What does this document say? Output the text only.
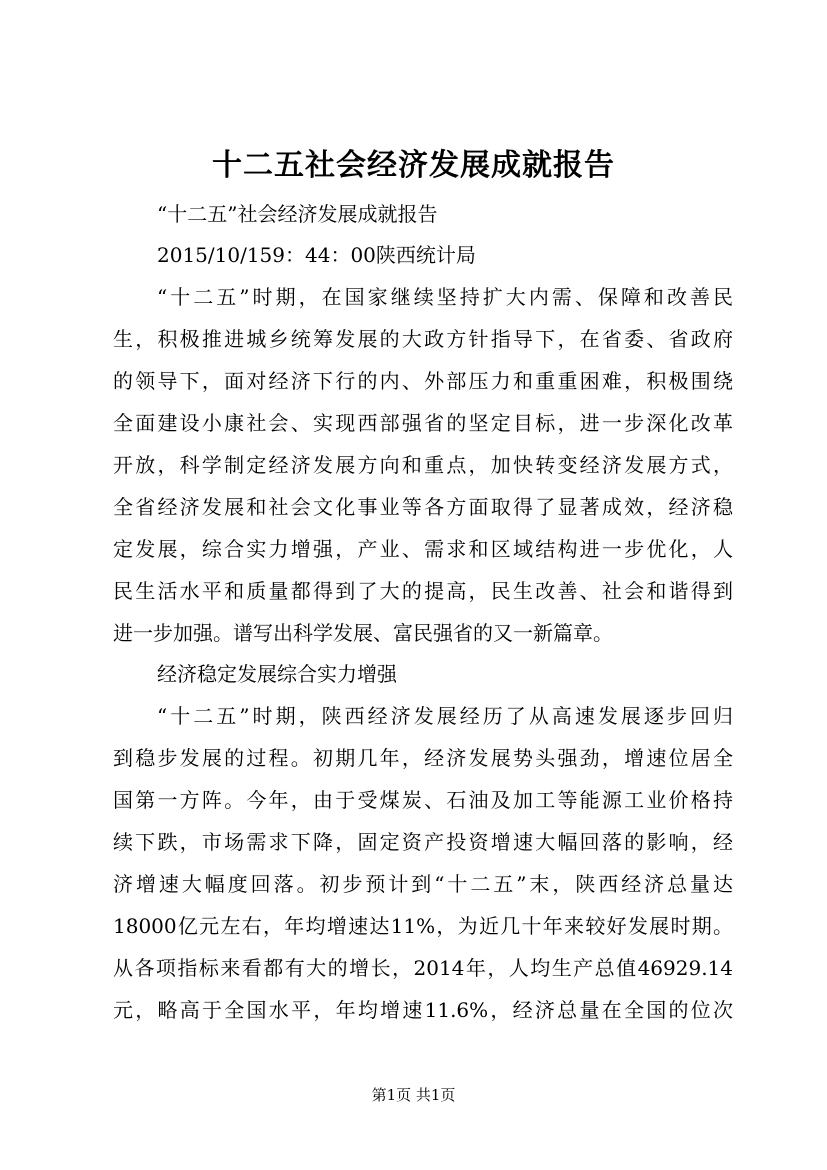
十二五社会经济发展成就报告

“十二五”社会经济发展成就报告

2015/10/159：44：00陕西统计局

“十二五”时期，在国家继续坚持扩大内需、保障和改善民

生，积极推进城乡统筹发展的大政方针指导下，在省委、省政府

的领导下，面对经济下行的内、外部压力和重重困难，积极围绕

全面建设小康社会、实现西部强省的坚定目标，进一步深化改革

开放，科学制定经济发展方向和重点，加快转变经济发展方式，

全省经济发展和社会文化事业等各方面取得了显著成效，经济稳

定发展，综合实力增强，产业、需求和区域结构进一步优化，人

民生活水平和质量都得到了大的提高，民生改善、社会和谐得到

进一步加强。谱写出科学发展、富民强省的又一新篇章。

经济稳定发展综合实力增强

“十二五”时期，陕西经济发展经历了从高速发展逐步回归

到稳步发展的过程。初期几年，经济发展势头强劲，增速位居全

国第一方阵。今年，由于受煤炭、石油及加工等能源工业价格持

续下跌，市场需求下降，固定资产投资增速大幅回落的影响，经

济增速大幅度回落。初步预计到“十二五”末，陕西经济总量达

18000亿元左右，年均增速达11%，为近几十年来较好发展时期。

从各项指标来看都有大的增长，2014年，人均生产总值46929.14

元，略高于全国水平，年均增速11.6%，经济总量在全国的位次

第1页 共1页
